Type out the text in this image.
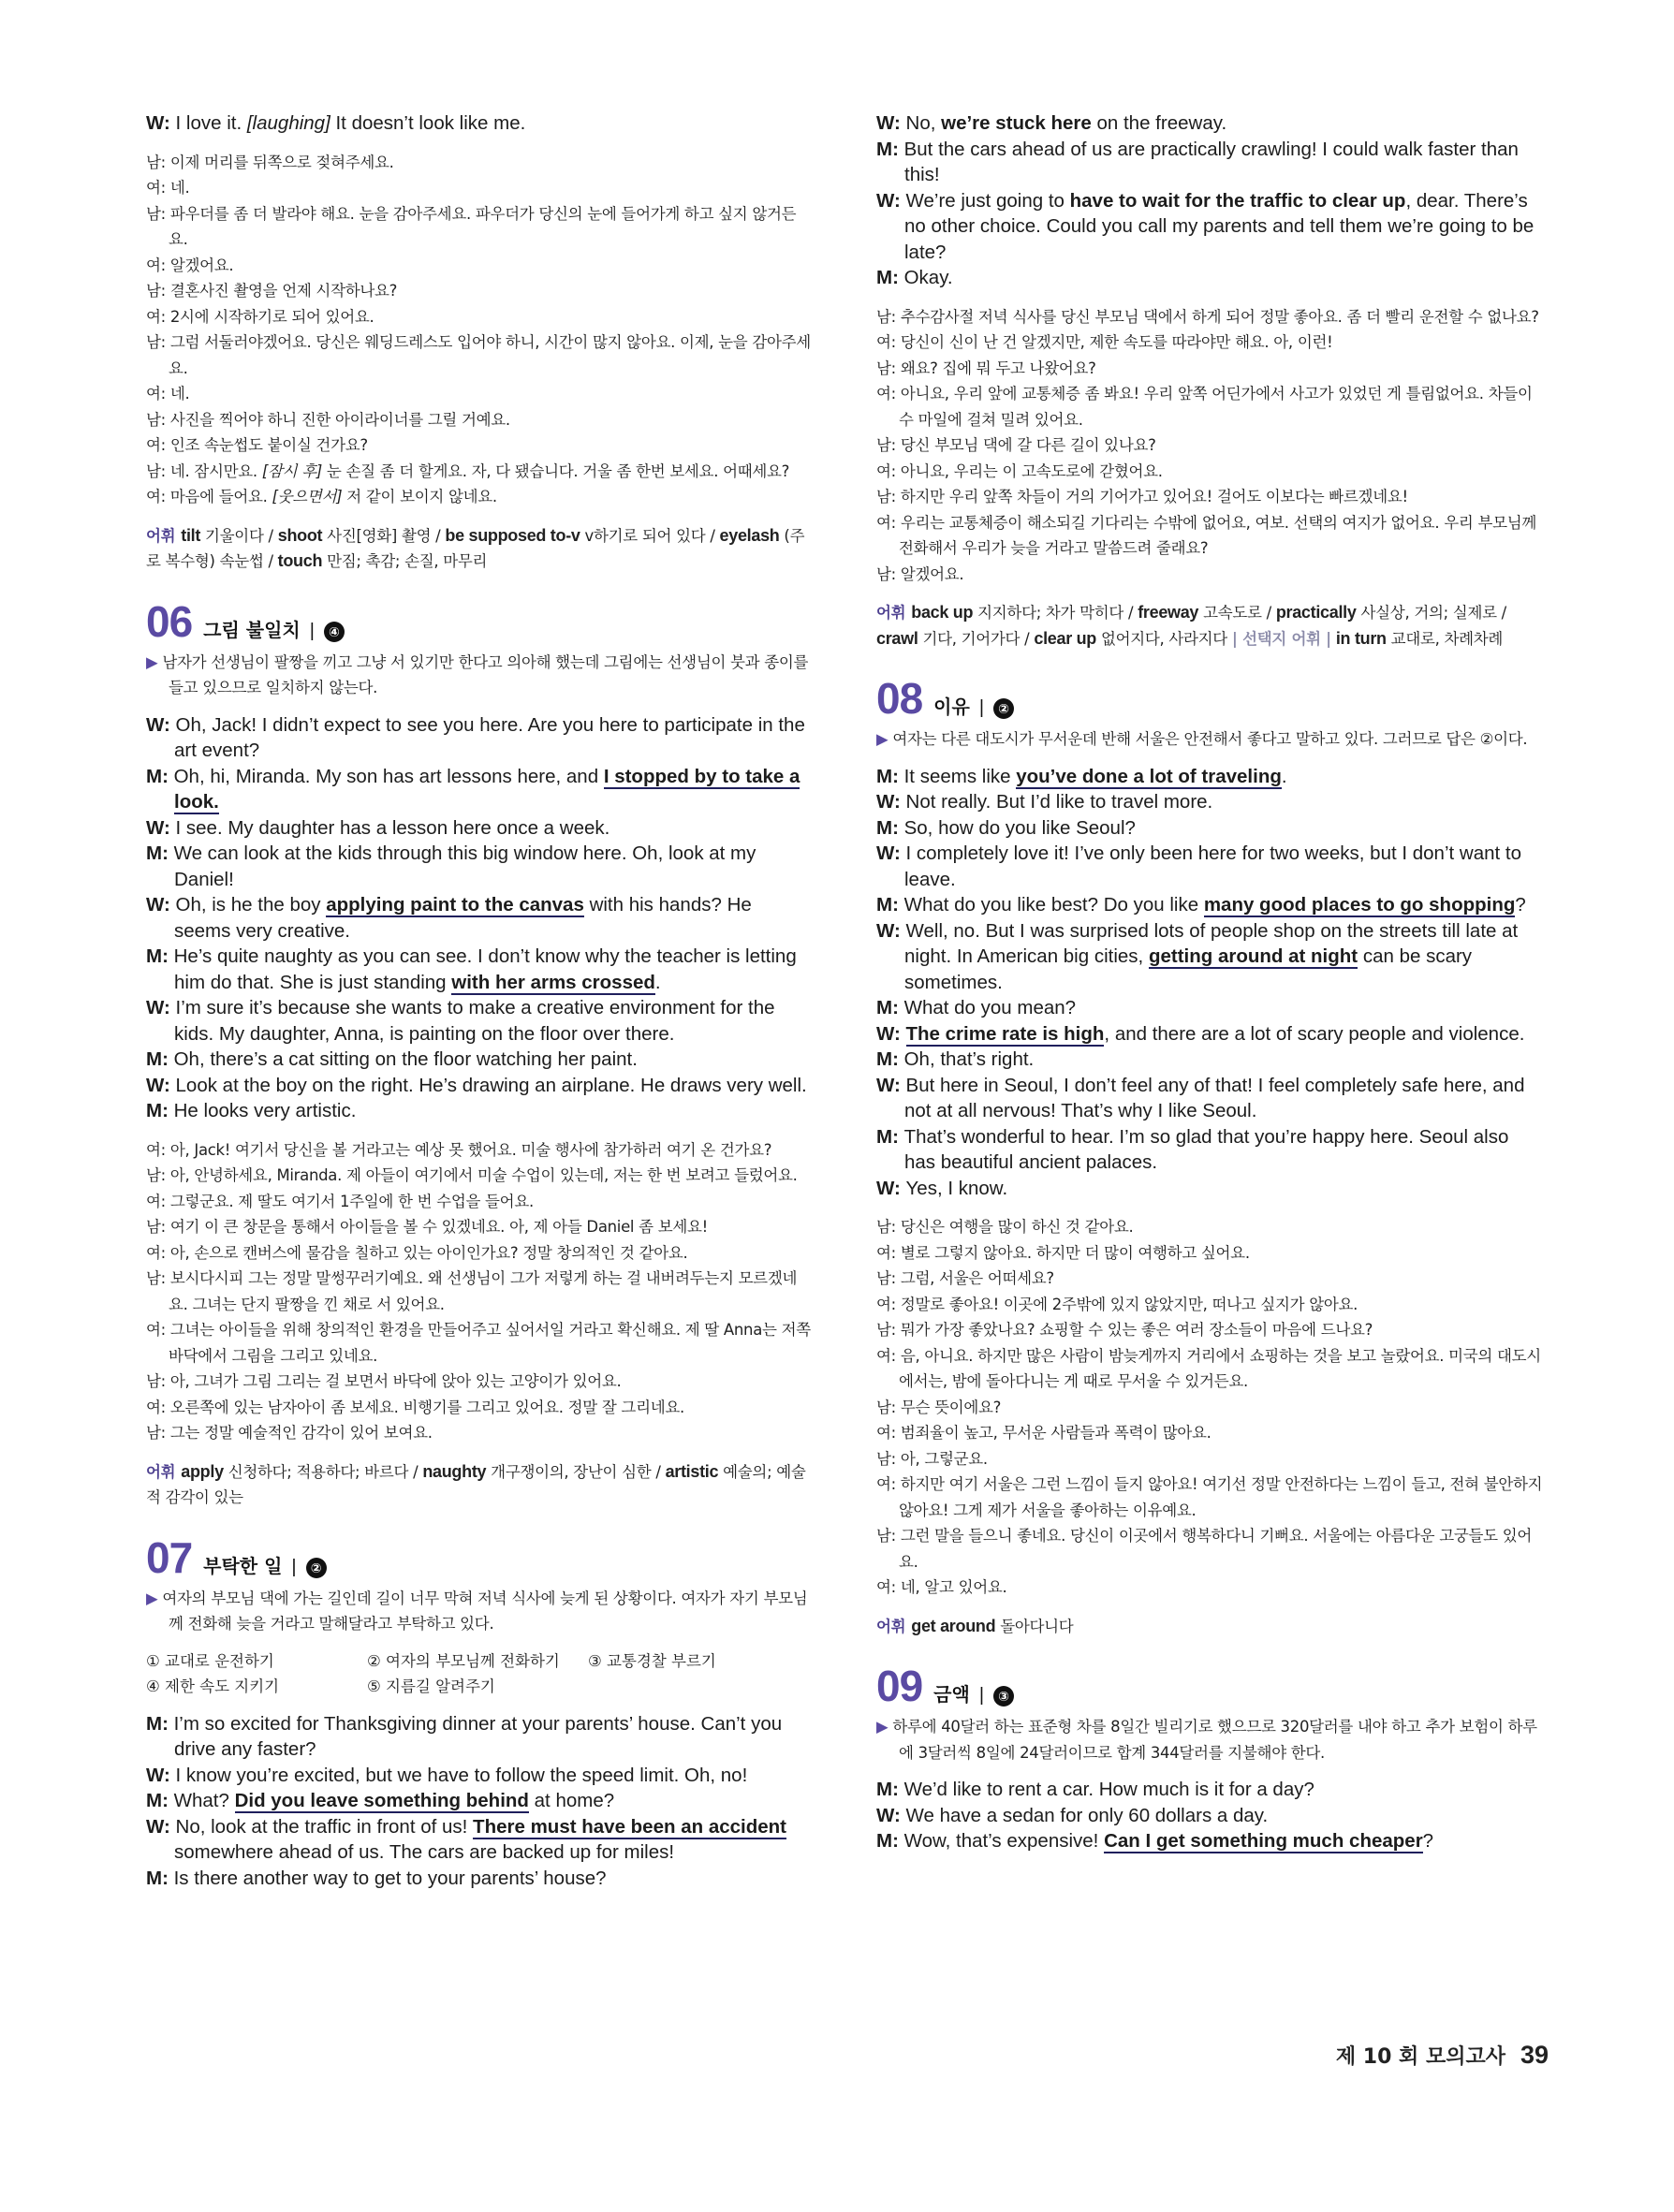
W: I love it. [laughing] It doesn’t look like me.
남: 이제 머리를 뒤쪽으로 젖혀주세요.
여: 네.
남: 파우더를 좀 더 발라야 해요. 눈을 감아주세요. 파우더가 당신의 눈에 들어가게 하고 싶지 않거든요.
여: 알겠어요.
남: 결혼사진 촬영을 언제 시작하나요?
여: 2시에 시작하기로 되어 있어요.
남: 그럼 서둘러야겠어요. 당신은 웨딩드레스도 입어야 하니, 시간이 많지 않아요. 이제, 눈을 감아주세요.
여: 네.
남: 사진을 찍어야 하니 진한 아이라이너를 그릴 거예요.
여: 인조 속눈썹도 붙이실 건가요?
남: 네. 잠시만요. [잠시 후] 눈 손질 좀 더 할게요. 자, 다 됐습니다. 거울 좀 한번 보세요. 어때세요?
여: 마음에 들어요. [웃으면서] 저 같이 보이지 않네요.
어휘 tilt 기울이다 / shoot 사진[영화] 촬영 / be supposed to-v v하기로 되어 있다 / eyelash (주로 복수형) 속눈썹 / touch 만짐; 촉감; 손질, 마무리
06 그림 불일치 |	④
▶ 남자가 선생님이 팔짱을 끼고 그냥 서 있기만 한다고 의아해 했는데 그림에는 선생님이 붓과 종이를 들고 있으므로 일치하지 않는다.
W: Oh, Jack! I didn’t expect to see you here. Are you here to participate in the art event?
M: Oh, hi, Miranda. My son has art lessons here, and I stopped by to take a look.
W: I see. My daughter has a lesson here once a week.
M: We can look at the kids through this big window here. Oh, look at my Daniel!
W: Oh, is he the boy applying paint to the canvas with his hands? He seems very creative.
M: He’s quite naughty as you can see. I don’t know why the teacher is letting him do that. She is just standing with her arms crossed.
W: I’m sure it’s because she wants to make a creative environment for the kids. My daughter, Anna, is painting on the floor over there.
M: Oh, there’s a cat sitting on the floor watching her paint.
W: Look at the boy on the right. He’s drawing an airplane. He draws very well.
M: He looks very artistic.
여: 아, Jack! 여기서 당신을 볼 거라고는 예상 못 했어요. 미술 행사에 참가하러 여기 온 건가요?
남: 아, 안녕하세요, Miranda. 제 아들이 여기에서 미술 수업이 있는데, 저는 한 번 보려고 들렀어요.
여: 그렇군요. 제 딸도 여기서 1주일에 한 번 수업을 들어요.
남: 여기 이 큰 창문을 통해서 아이들을 볼 수 있겠네요. 아, 제 아들 Daniel 좀 보세요!
여: 아, 손으로 캔버스에 물감을 칠하고 있는 아이인가요? 정말 창의적인 것 같아요.
남: 보시다시피 그는 정말 말썽꾸러기예요. 왜 선생님이 그가 저렇게 하는 걸 내버려두는지 모르겠네요. 그녀는 단지 팔짱을 낀 채로 서 있어요.
여: 그녀는 아이들을 위해 창의적인 환경을 만들어주고 싶어서일 거라고 확신해요. 제 딸 Anna는 저쪽 바닥에서 그림을 그리고 있네요.
남: 아, 그녀가 그림 그리는 걸 보면서 바닥에 앉아 있는 고양이가 있어요.
여: 오른쪽에 있는 남자아이 좀 보세요. 비행기를 그리고 있어요. 정말 잘 그리네요.
남: 그는 정말 예술적인 감각이 있어 보여요.
어휘 apply 신청하다; 적용하다; 바르다 / naughty 개구쟁이의, 장난이 심한 / artistic 예술의; 예술적 감각이 있는
07 부탁한 일 |	②
▶ 여자의 부모님 댁에 가는 길인데 길이 너무 막혀 저녁 식사에 늦게 된 상황이다. 여자가 자기 부모님께 전화해 늦을 거라고 말해달라고 부탁하고 있다.
① 교대로 운전하기	② 여자의 부모님께 전화하기 ③ 교통경찰 부르기
④ 제한 속도 지키기	⑤ 지름길 알려주기
M: I’m so excited for Thanksgiving dinner at your parents’ house. Can’t you drive any faster?
W: I know you’re excited, but we have to follow the speed limit. Oh, no!
M: What? Did you leave something behind at home?
W: No, look at the traffic in front of us! There must have been an accident somewhere ahead of us. The cars are backed up for miles!
M: Is there another way to get to your parents’ house?
W: No, we’re stuck here on the freeway.
M: But the cars ahead of us are practically crawling! I could walk faster than this!
W: We’re just going to have to wait for the traffic to clear up, dear. There’s no other choice. Could you call my parents and tell them we’re going to be late?
M: Okay.
남: 추수감사절 저녁 식사를 당신 부모님 댁에서 하게 되어 정말 좋아요. 좀 더 빨리 운전할 수 없나요?
여: 당신이 신이 난 건 알겠지만, 제한 속도를 따라야만 해요. 아, 이런!
남: 왜요? 집에 뭐 두고 나왔어요?
여: 아니요, 우리 앞에 교통체증 좀 봐요! 우리 앞쪽 어딘가에서 사고가 있었던 게 틀림없어요. 차들이 수 마일에 걸쳐 밀려 있어요.
남: 당신 부모님 댁에 갈 다른 길이 있나요?
여: 아니요, 우리는 이 고속도로에 갇혔어요.
남: 하지만 우리 앞쪽 차들이 거의 기어가고 있어요! 걸어도 이보다는 빠르겠네요!
여: 우리는 교통체증이 해소되길 기다리는 수밖에 없어요, 여보. 선택의 여지가 없어요. 우리 부모님께 전화해서 우리가 늦을 거라고 말씀드려 줄래요?
남: 알겠어요.
어휘 back up 지지하다; 차가 막히다 / freeway 고속도로 / practically 사실상, 거의; 실제로 / crawl 기다, 기어가다 / clear up 없어지다, 사라지다 | 선택지 어휘 | in turn 교대로, 차례차례
08 이유 |	②
▶ 여자는 다른 대도시가 무서운데 반해 서울은 안전해서 좋다고 말하고 있다. 그러므로 답은 ②이다.
M: It seems like you’ve done a lot of traveling.
W: Not really. But I’d like to travel more.
M: So, how do you like Seoul?
W: I completely love it! I’ve only been here for two weeks, but I don’t want to leave.
M: What do you like best? Do you like many good places to go shopping?
W: Well, no. But I was surprised lots of people shop on the streets till late at night. In American big cities, getting around at night can be scary sometimes.
M: What do you mean?
W: The crime rate is high, and there are a lot of scary people and violence.
M: Oh, that’s right.
W: But here in Seoul, I don’t feel any of that! I feel completely safe here, and not at all nervous! That’s why I like Seoul.
M: That’s wonderful to hear. I’m so glad that you’re happy here. Seoul also has beautiful ancient palaces.
W: Yes, I know.
남: 당신은 여행을 많이 하신 것 같아요.
여: 별로 그렇지 않아요. 하지만 더 많이 여행하고 싶어요.
남: 그럼, 서울은 어떠세요?
여: 정말로 좋아요! 이곳에 2주밖에 있지 않았지만, 떠나고 싶지가 않아요.
남: 뭐가 가장 좋았나요? 쇼핑할 수 있는 좋은 여러 장소들이 마음에 드나요?
여: 음, 아니요. 하지만 많은 사람이 밤늦게까지 거리에서 쇼핑하는 것을 보고 놀랐어요. 미국의 대도시에서는, 밤에 돌아다니는 게 때로 무서울 수 있거든요.
남: 무슨 뜻이에요?
여: 범죄율이 높고, 무서운 사람들과 폭력이 많아요.
남: 아, 그렇군요.
여: 하지만 여기 서울은 그런 느낌이 들지 않아요! 여기선 정말 안전하다는 느낌이 들고, 전혀 불안하지 않아요! 그게 제가 서울을 좋아하는 이유예요.
남: 그런 말을 들으니 좋네요. 당신이 이곳에서 행복하다니 기뻐요. 서울에는 아름다운 고궁들도 있어요.
여: 네, 알고 있어요.
어휘 get around 돌아다니다
09 금액 |	③
▶ 하루에 40달러 하는 표준형 차를 8일간 빌리기로 했으므로 320달러를 내야 하고 추가 보험이 하루에 3달러씩 8일에 24달러이므로 합계 344달러를 지불해야 한다.
M: We’d like to rent a car. How much is it for a day?
W: We have a sedan for only 60 dollars a day.
M: Wow, that’s expensive! Can I get something much cheaper?
제 10 회 모의고사 39
